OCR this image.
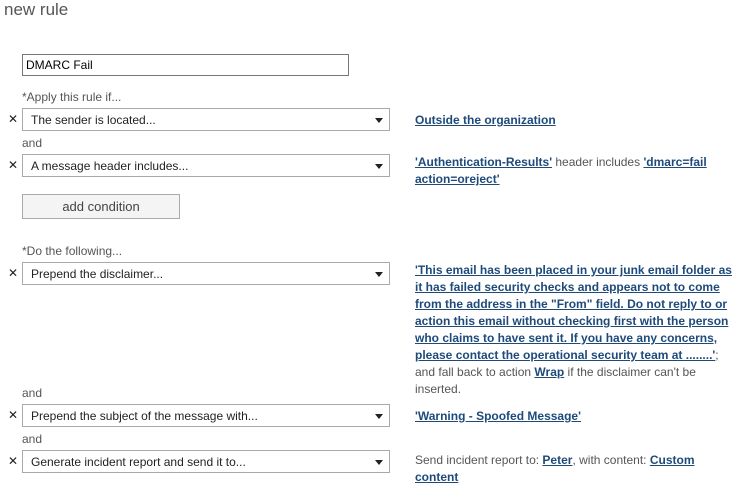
new rule
DMARC Fail
*Apply this rule if...
✕ The sender is located...	Outside the organization
and
✕ A message header includes...	'Authentication-Results' header includes 'dmarc=fail action=oreject'
add condition
*Do the following...
✕ Prepend the disclaimer...	'This email has been placed in your junk email folder as it has failed security checks and appears not to come from the address in the "From" field. Do not reply to or action this email without checking first with the person who claims to have sent it. If you have any concerns, please contact the operational security team at ........'; and fall back to action Wrap if the disclaimer can't be inserted.
and
✕ Prepend the subject of the message with...	'Warning - Spoofed Message'
and
✕ Generate incident report and send it to...	Send incident report to: Peter, with content: Custom content
